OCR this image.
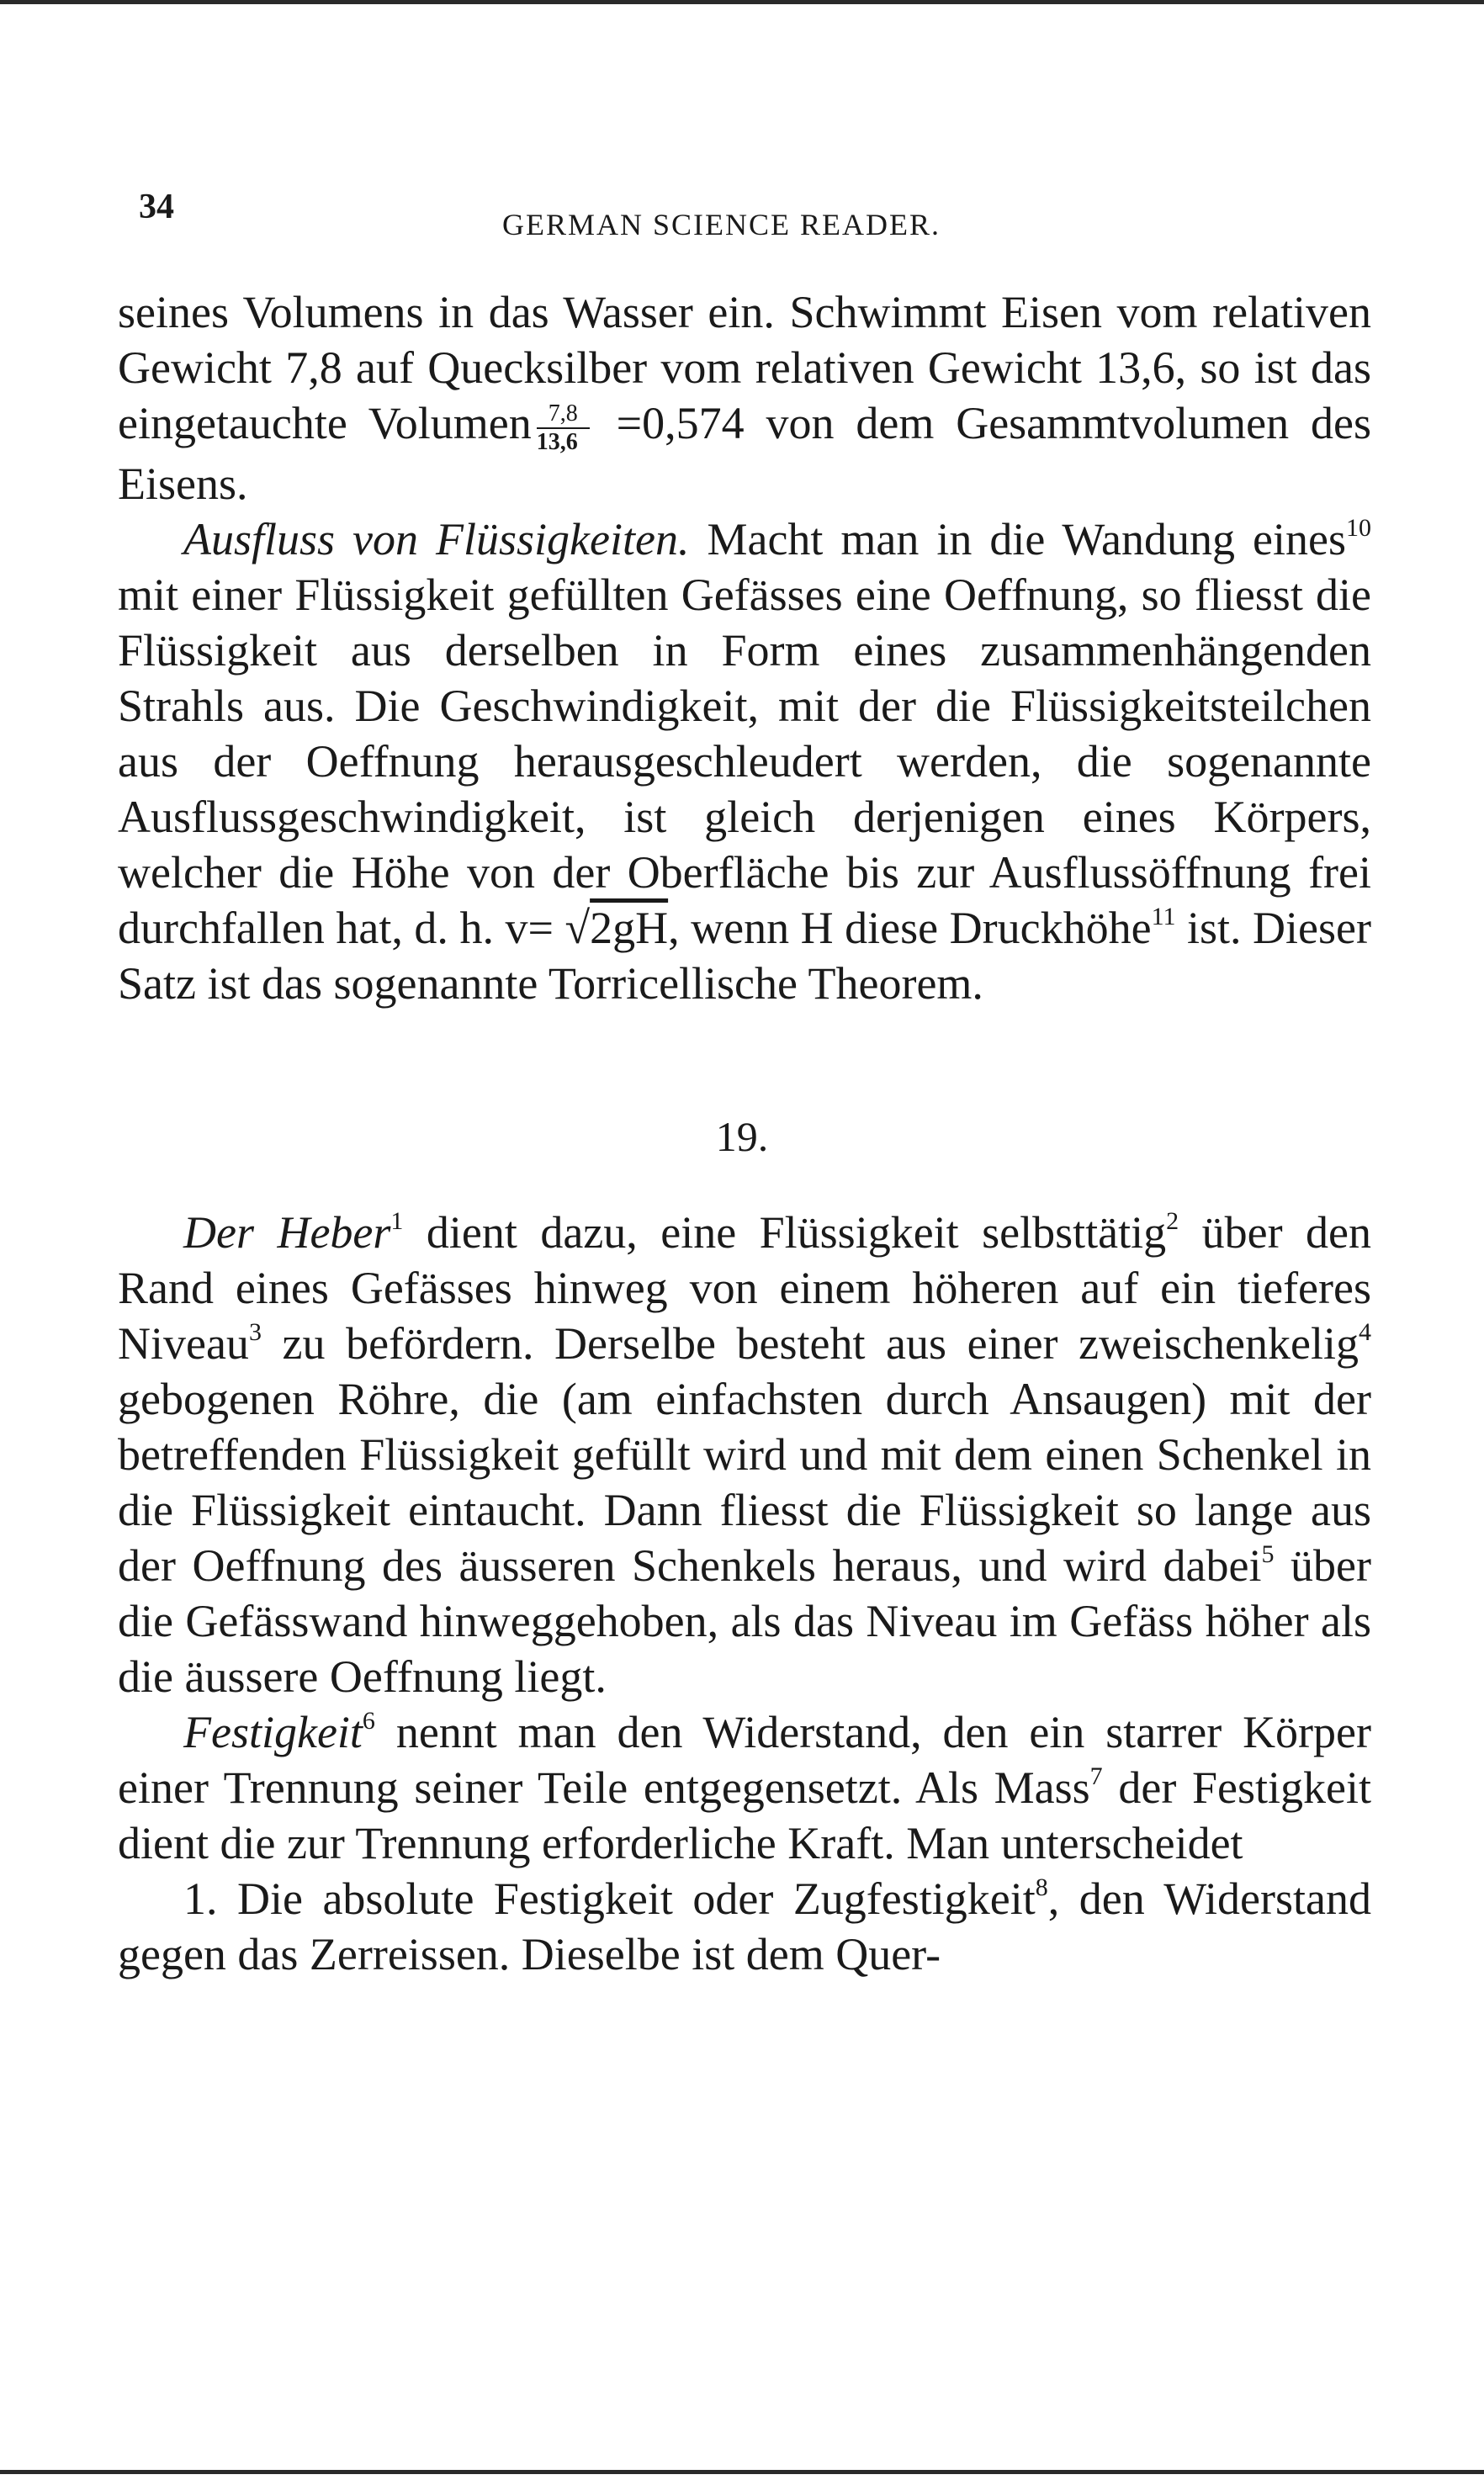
34	GERMAN SCIENCE READER.

seines Volumens in das Wasser ein. Schwimmt Eisen vom relativen Gewicht 7,8 auf Quecksilber vom relativen Gewicht 13,6, so ist das eingetauchte Volumen $\frac{7,8}{13,6} =0,574$ von dem Gesammtvolumen des Eisens.

Ausfluss von Flüssigkeiten. Macht man in die Wandung eines$^{10}$ mit einer Flüssigkeit gefüllten Gefässes eine Oeffnung, so fliesst die Flüssigkeit aus derselben in Form eines zusammenhängenden Strahls aus. Die Geschwindigkeit, mit der die Flüssigkeitsteilchen aus der Oeffnung herausgeschleudert werden, die sogenannte Ausflussgeschwindigkeit, ist gleich derjenigen eines Körpers, welcher die Höhe von der Oberfläche bis zur Ausflussöffnung frei durchfallen hat, d. h. v= √2gH, wenn H diese Druckhöhe$^{11}$ ist. Dieser Satz ist das sogenannte Torricellische Theorem.

19.

Der Heber$^1$ dient dazu, eine Flüssigkeit selbsttätig$^2$ über den Rand eines Gefässes hinweg von einem höheren auf ein tieferes Niveau$^3$ zu befördern. Derselbe besteht aus einer zweischenkelig$^4$ gebogenen Röhre, die (am einfachsten durch Ansaugen) mit der betreffenden Flüssigkeit gefüllt wird und mit dem einen Schenkel in die Flüssigkeit eintaucht. Dann fliesst die Flüssigkeit so lange aus der Oeffnung des äusseren Schenkels heraus, und wird dabei$^5$ über die Gefässwand hinweggehoben, als das Niveau im Gefäss höher als die äussere Oeffnung liegt.

Festigkeit$^6$ nennt man den Widerstand, den ein starrer Körper einer Trennung seiner Teile entgegensetzt. Als Mass$^7$ der Festigkeit dient die zur Trennung erforderliche Kraft. Man unterscheidet

1. Die absolute Festigkeit oder Zugfestigkeit$^8$, den Widerstand gegen das Zerreissen. Dieselbe ist dem Quer-
